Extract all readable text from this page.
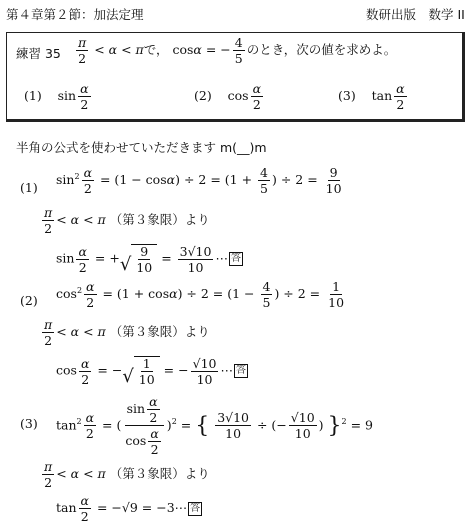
第４章第２節：加法定理	数研出版　数学 II
練習 $35 \frac{\pi}{2} < \alpha < \pi$で， cosα = − $\frac{4}{5}$ のとき，次の値を求めよ。
(1)    $\sin \frac{\alpha}{2}$	(2)    $\cos \frac{\alpha}{2}$	(3)    $\tan \frac{\alpha}{2}$
半角の公式を使わせていただきます m(__)m
(1)
$\sin^2 \frac{\alpha}{2} = (1 - \cos\alpha) \div 2 = (1 + \frac{4}{5}$ ) ÷ $2 = \frac{9}{10}$
$\frac{\pi}{2} < \alpha < \pi$ （第３象限）より
$\sin \frac{\alpha}{2}$ = + √ $\frac{9}{10} = \frac{3√10}{10}$ ⋯ 答
(2) $\cos^2 \frac{\alpha}{2} = (1 + \cos\alpha) \div 2 = (1 - \frac{4}{5}$ ) ÷ $2 = \frac{1}{10}$
$\frac{\pi}{2} < \alpha < \pi$ （第３象限）より
$\cos \frac{\alpha}{2}$ = − √ $\frac{1}{10}$ = − $\frac{√10}{10}$ ⋯ 答
(3) $\tan^2 \frac{\alpha}{2}$ = ( $\frac{\sin \frac{\alpha}{2}}{\cos \frac{\alpha}{2}} )^2$ = { $\frac{3√10}{10}$ ÷ (− $\frac{√10}{10}$ ) }$^2$ = 9
$\frac{\pi}{2} < \alpha < \pi$ （第３象限）より
$\tan \frac{\alpha}{2} = -√9$ = −3⋯ 答
